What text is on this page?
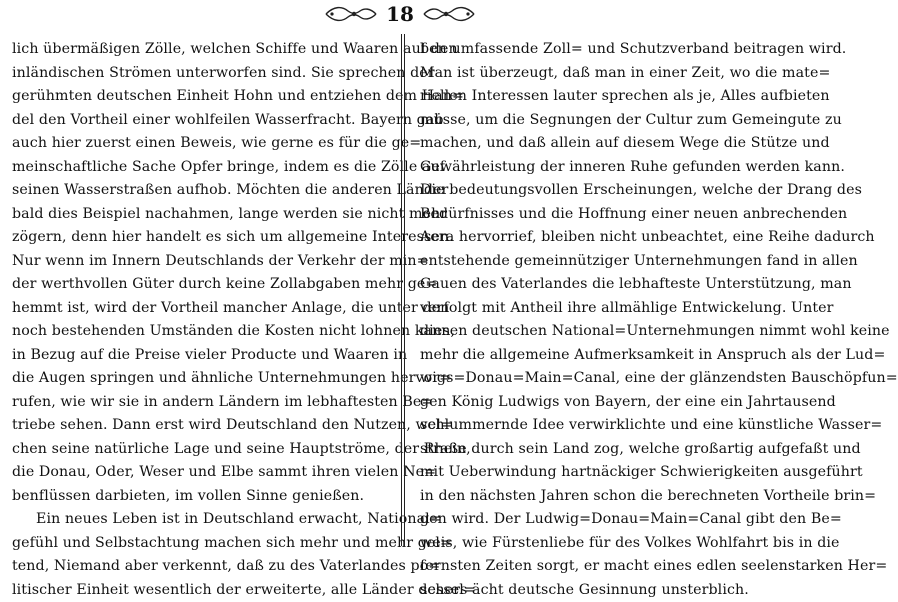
18
lich übermäßigen Zölle, welchen Schiffe und Waaren auf den
inländischen Strömen unterworfen sind. Sie sprechen der
gerühmten deutschen Einheit Hohn und entziehen dem Han=
del den Vortheil einer wohlfeilen Wasserfracht. Bayern gab
auch hier zuerst einen Beweis, wie gerne es für die ge=
meinschaftliche Sache Opfer bringe, indem es die Zölle auf
seinen Wasserstraßen aufhob. Möchten die anderen Länder
bald dies Beispiel nachahmen, lange werden sie nicht mehr
zögern, denn hier handelt es sich um allgemeine Interessen.
Nur wenn im Innern Deutschlands der Verkehr der min=
der werthvollen Güter durch keine Zollabgaben mehr ge=
hemmt ist, wird der Vortheil mancher Anlage, die unter den
noch bestehenden Umständen die Kosten nicht lohnen kann,
in Bezug auf die Preise vieler Producte und Waaren in
die Augen springen und ähnliche Unternehmungen hervor=
rufen, wie wir sie in andern Ländern im lebhaftesten Be=
triebe sehen. Dann erst wird Deutschland den Nutzen, wel=
chen seine natürliche Lage und seine Hauptströme, der Rhein,
die Donau, Oder, Weser und Elbe sammt ihren vielen Ne=
benflüssen darbieten, im vollen Sinne genießen.
Ein neues Leben ist in Deutschland erwacht, National=
gefühl und Selbstachtung machen sich mehr und mehr gel=
tend, Niemand aber verkennt, daß zu des Vaterlandes po=
litischer Einheit wesentlich der erweiterte, alle Länder dessel=
ben umfassende Zoll= und Schutzverband beitragen wird.
Man ist überzeugt, daß man in einer Zeit, wo die mate=
riellen Interessen lauter sprechen als je, Alles aufbieten
müsse, um die Segnungen der Cultur zum Gemeingute zu
machen, und daß allein auf diesem Wege die Stütze und
Gewährleistung der inneren Ruhe gefunden werden kann.
Die bedeutungsvollen Erscheinungen, welche der Drang des
Bedürfnisses und die Hoffnung einer neuen anbrechenden
Aera hervorrief, bleiben nicht unbeachtet, eine Reihe dadurch
entstehende gemeinnütziger Unternehmungen fand in allen
Gauen des Vaterlandes die lebhafteste Unterstützung, man
verfolgt mit Antheil ihre allmählige Entwickelung. Unter
diesen deutschen National=Unternehmungen nimmt wohl keine
mehr die allgemeine Aufmerksamkeit in Anspruch als der Lud=
wigs=Donau=Main=Canal, eine der glänzendsten Bauschöpfun=
gen König Ludwigs von Bayern, der eine ein Jahrtausend
schlummernde Idee verwirklichte und eine künstliche Wasser=
straße durch sein Land zog, welche großartig aufgefaßt und
mit Ueberwindung hartnäckiger Schwierigkeiten ausgeführt
in den nächsten Jahren schon die berechneten Vortheile brin=
gen wird. Der Ludwig=Donau=Main=Canal gibt den Be=
weis, wie Fürstenliebe für des Volkes Wohlfahrt bis in die
fernsten Zeiten sorgt, er macht eines edlen seelenstarken Her=
schers ächt deutsche Gesinnung unsterblich.
